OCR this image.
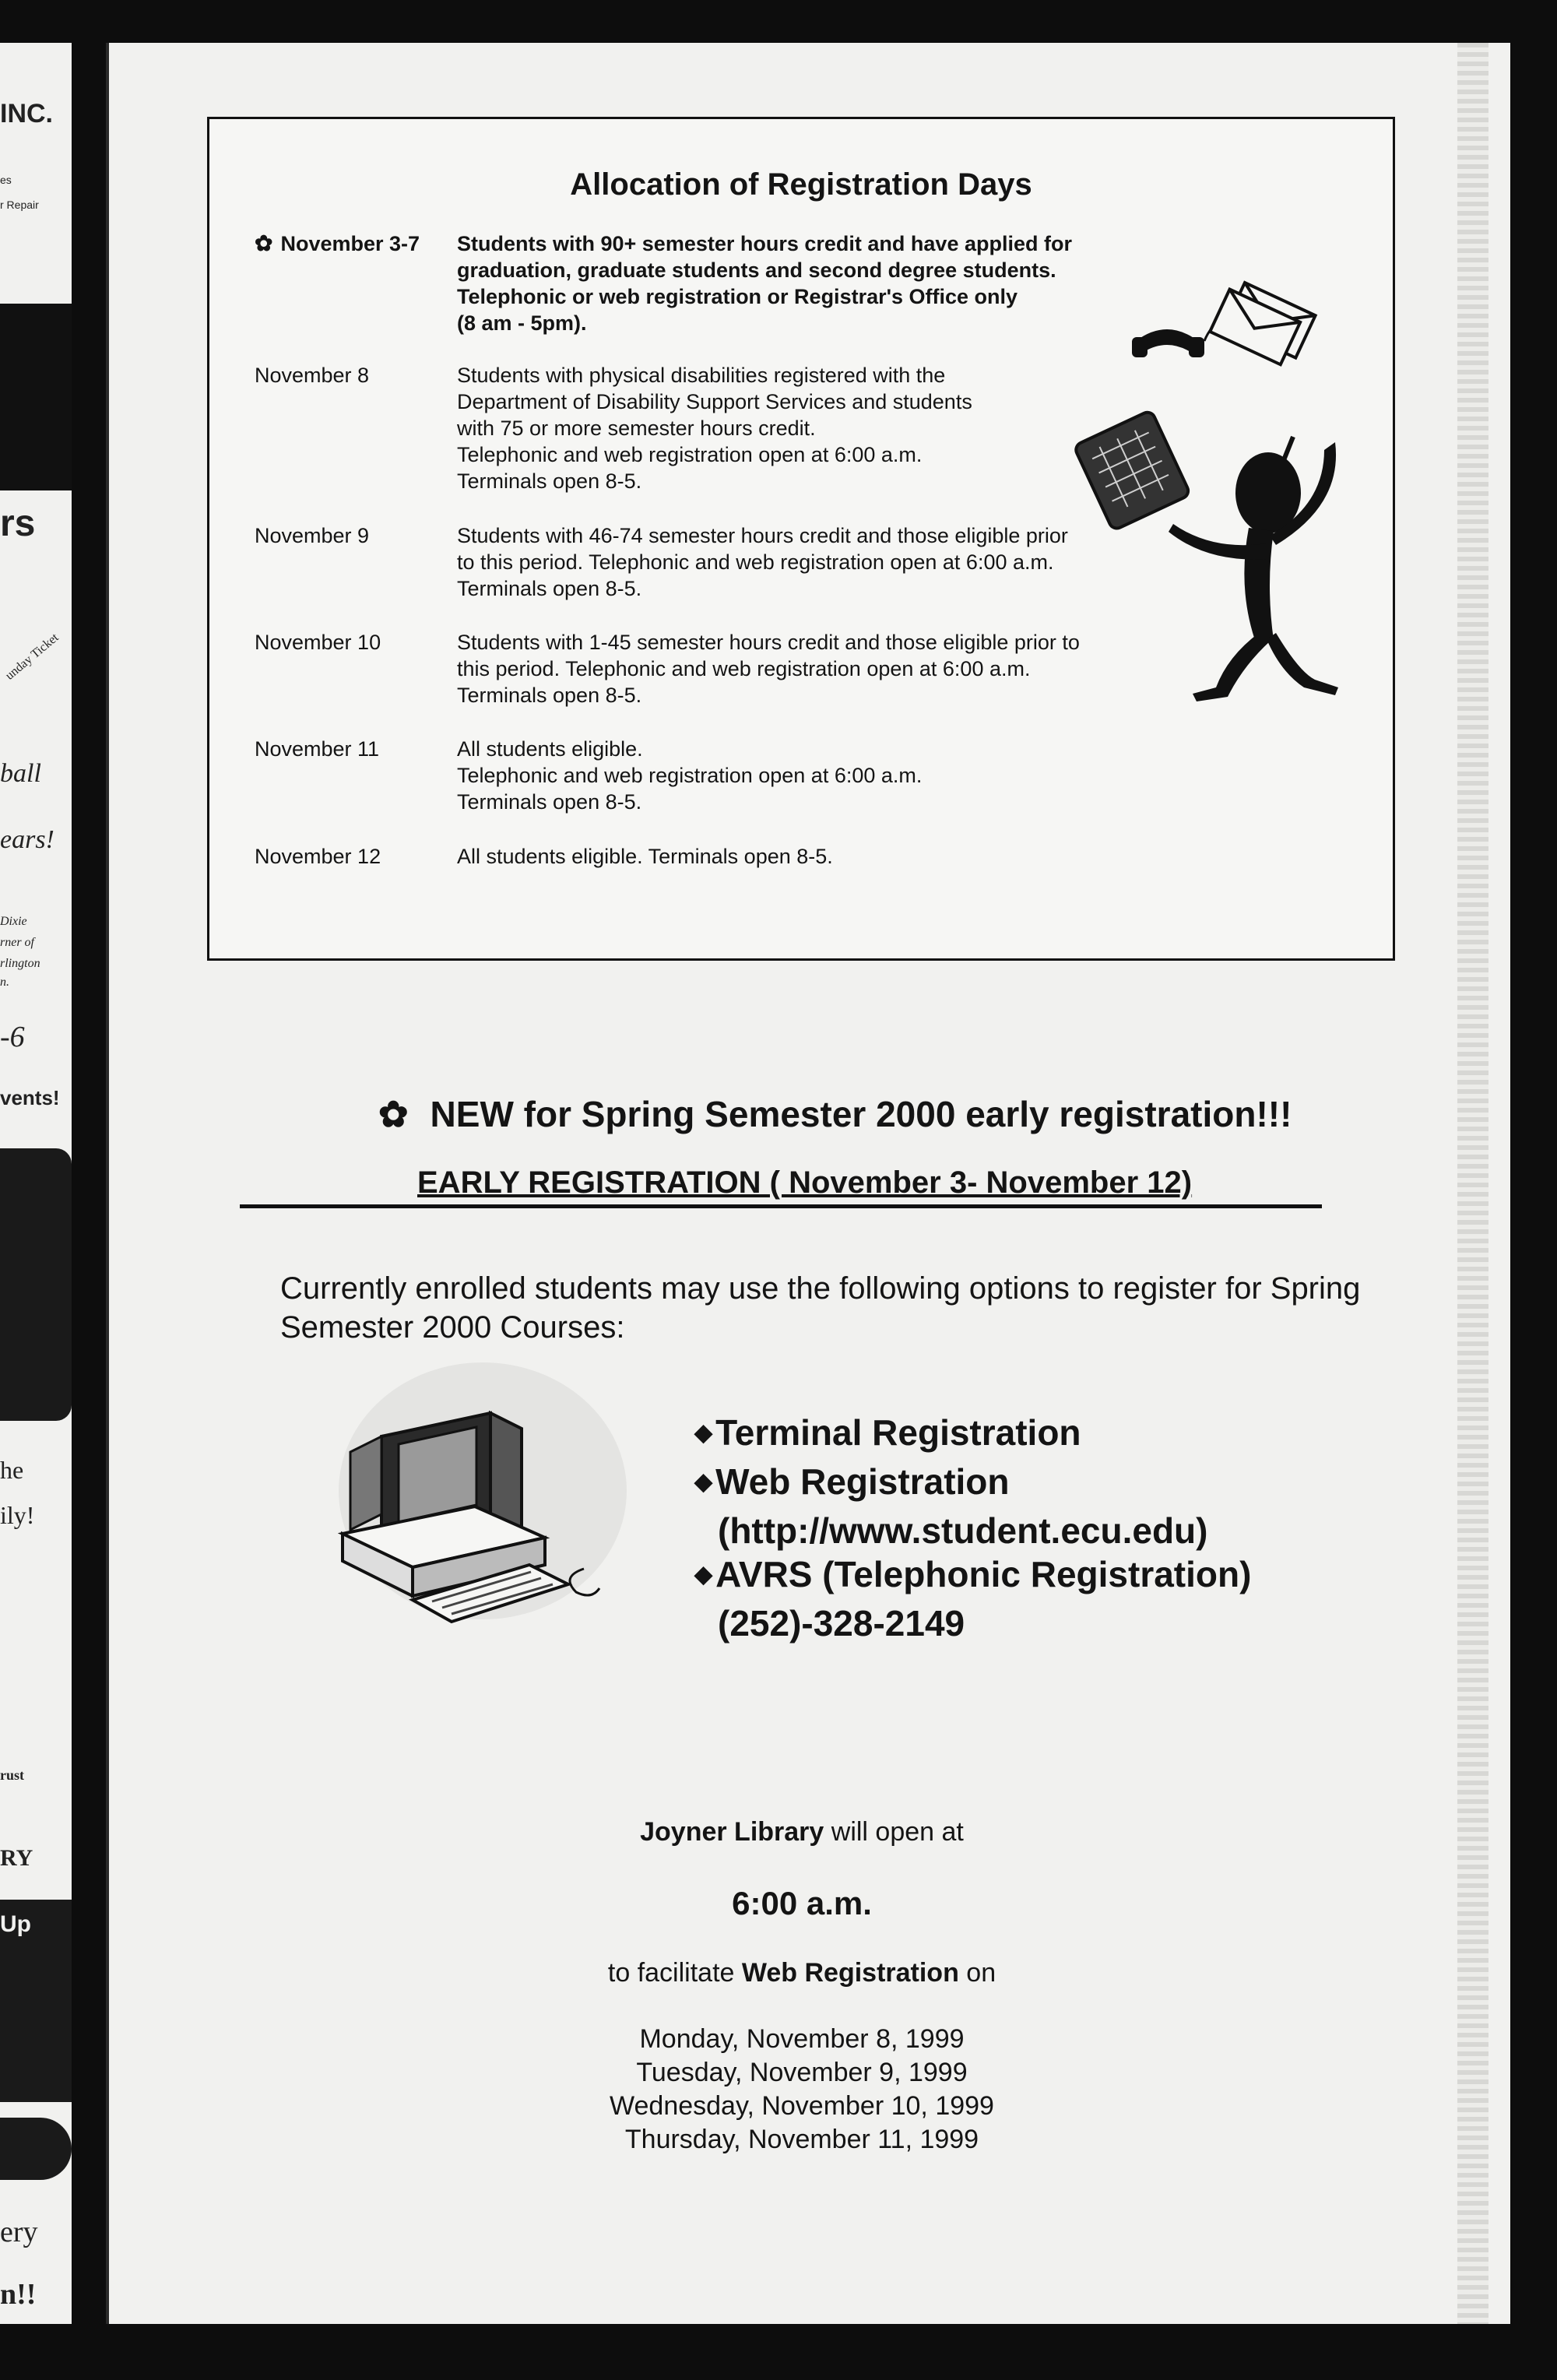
INC.
es
r Repair
rs
unday Ticket
ball
ears!
Dixie
rner of
rlington
n.
-6
vents!
he
ily!
rust
RY
Up
ery
n!!
Allocation of Registration Days
✿ November 3-7 Students with 90+ semester hours credit and have applied for
graduation, graduate students and second degree students.
Telephonic or web registration or Registrar's Office only
(8 am - 5pm).
November 8	Students with physical disabilities registered with the
Department of Disability Support Services and students
with 75 or more semester hours credit.
Telephonic and web registration open at 6:00 a.m.
Terminals open 8-5.
November 9	Students with 46-74 semester hours credit and those eligible prior
to this period. Telephonic and web registration open at 6:00 a.m.
Terminals open 8-5.
November 10	Students with 1-45 semester hours credit and those eligible prior to
this period. Telephonic and web registration open at 6:00 a.m.
Terminals open 8-5.
November 11	All students eligible.
Telephonic and web registration open at 6:00 a.m.
Terminals open 8-5.
November 12	All students eligible. Terminals open 8-5.
✿ NEW for Spring Semester 2000 early registration!!!
EARLY REGISTRATION ( November 3- November 12)
Currently enrolled students may use the following options to register for Spring
Semester 2000 Courses:
◆Terminal Registration
◆Web Registration
(http://www.student.ecu.edu)
◆AVRS (Telephonic Registration)
(252)-328-2149
Joyner Library will open at
6:00 a.m.
to facilitate Web Registration on
Monday, November 8, 1999
Tuesday, November 9, 1999
Wednesday, November 10, 1999
Thursday, November 11, 1999
